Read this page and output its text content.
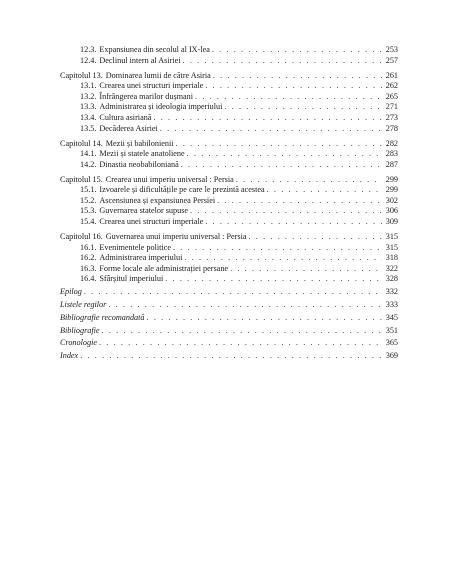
12.3. Expansiunea din secolul al IX-lea . . .	253
12.4. Declinul intern al Asiriei . . .	257
Capitolul 13. Dominarea lumii de către Asiria . . .	261
13.1. Crearea unei structuri imperiale . . .	262
13.2. Înfrângerea marilor dușmani . . .	265
13.3. Administrarea și ideologia imperiului . . .	271
13.4. Cultura asiriană . . .	273
13.5. Decăderea Asiriei . . .	278
Capitolul 14. Mezii și babilonienii . . .	282
14.1. Mezii și statele anatoliene . . .	283
14.2. Dinastia neobabiloniană . . .	287
Capitolul 15. Crearea unui imperiu universal : Persia . . .	299
15.1. Izvoarele și dificultățile pe care le prezintă acestea . . .	299
15.2. Ascensiunea și expansiunea Persiei . . .	302
15.3. Guvernarea statelor supuse . . .	306
15.4. Crearea unei structuri imperiale . . .	309
Capitolul 16. Guvernarea unui imperiu universal : Persia . . .	315
16.1. Evenimentele politice . . .	315
16.2. Administrarea imperiului . . .	318
16.3. Forme locale ale administrației persane . . .	322
16.4. Sfârșitul imperiului . . .	328
Epilog . . .	332
Listele regilor . . .	333
Bibliografie recomandată . . .	345
Bibliografie . . .	351
Cronologie . . .	365
Index . . .	369
